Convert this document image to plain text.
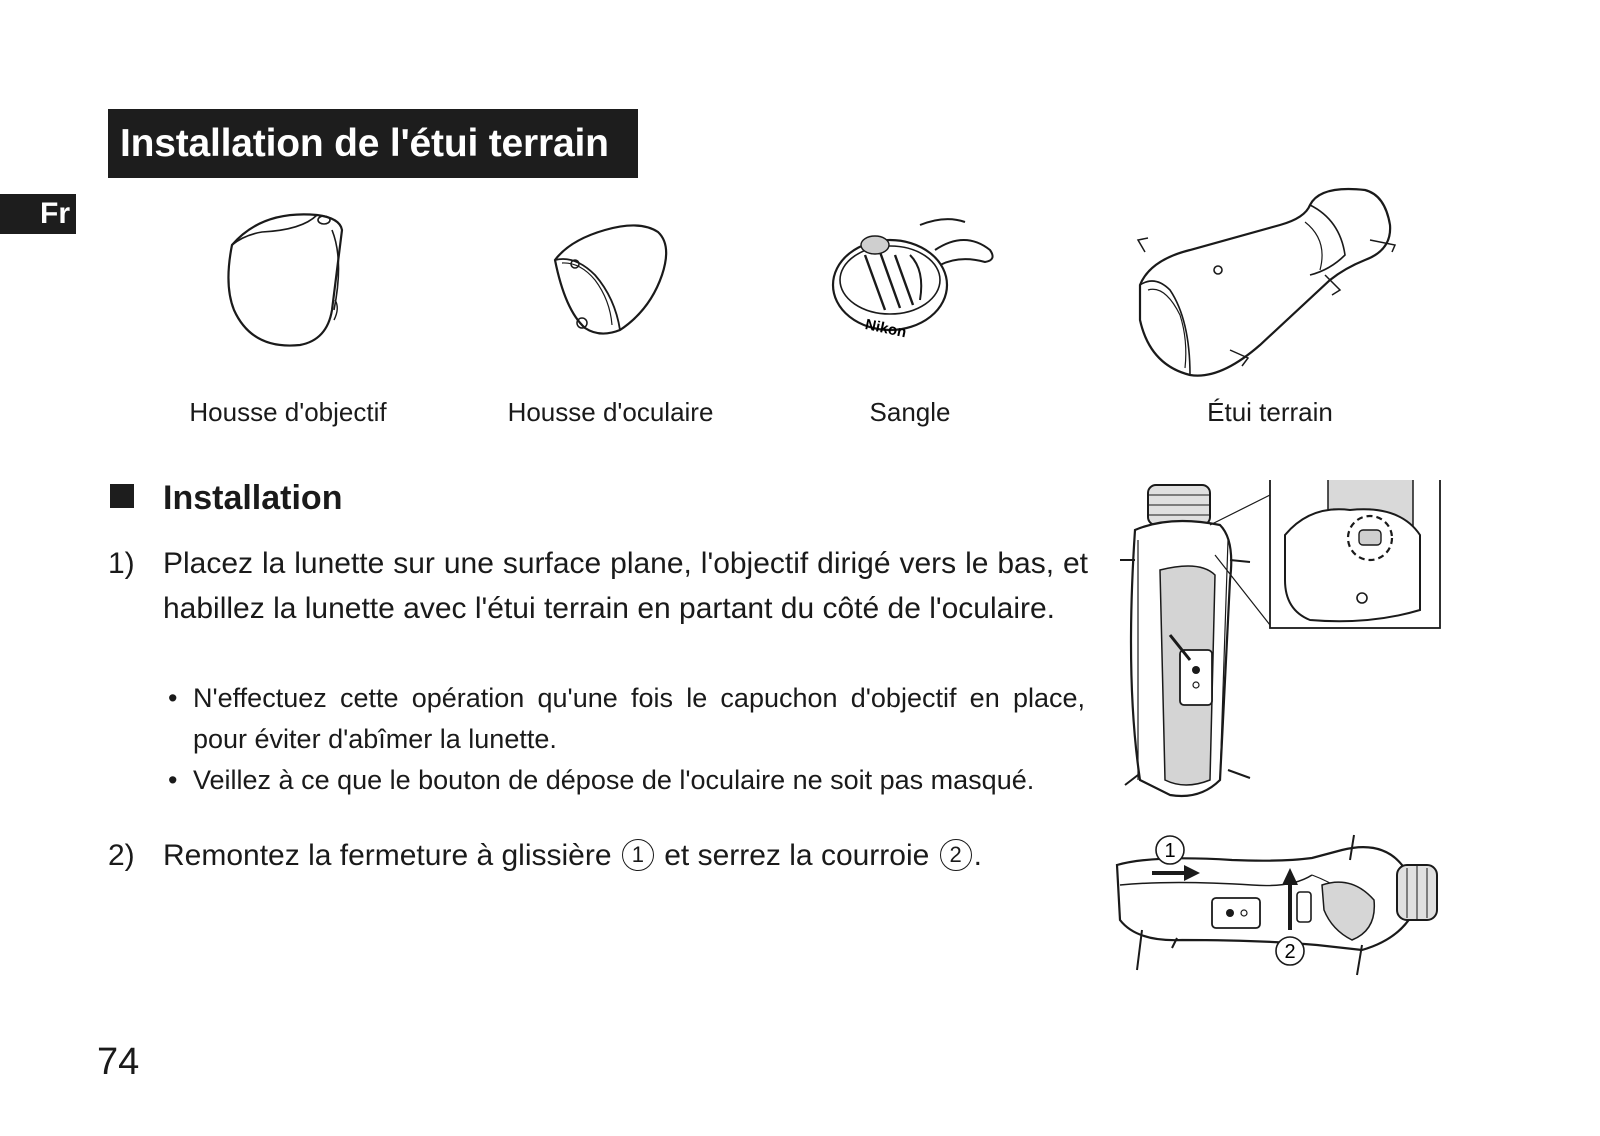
Installation de l'étui terrain
Fr
Housse d'objectif	Housse d'oculaire
Nikon
Sangle	Étui terrain
Installation
1) Placez la lunette sur une surface plane, l'objectif dirigé vers le bas, et habillez la lunette avec l'étui terrain en partant du côté de l'oculaire.
• N'effectuez cette opération qu'une fois le capuchon d'objectif en place, pour éviter d'abîmer la lunette.
• Veillez à ce que le bouton de dépose de l'oculaire ne soit pas masqué.
2) Remontez la fermeture à glissière 1 et serrez la courroie 2 .	1
2
74
